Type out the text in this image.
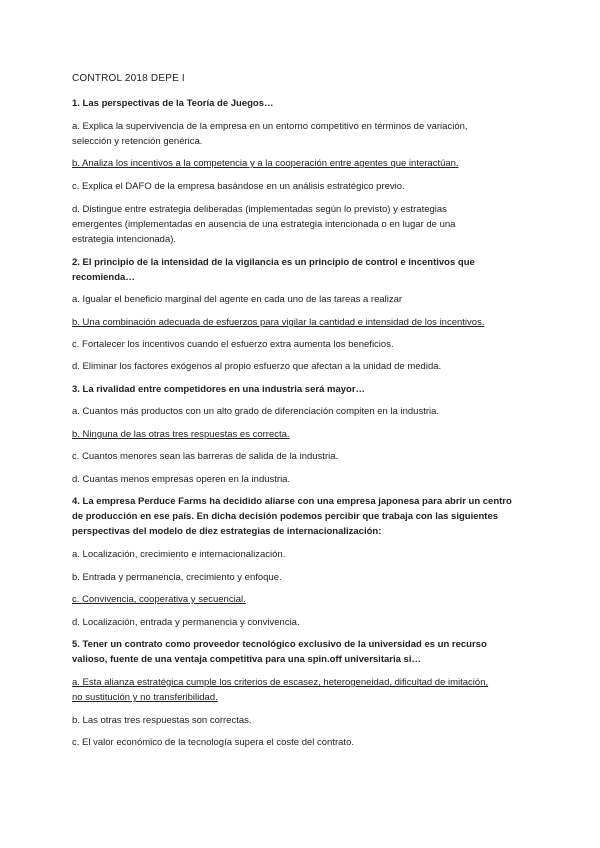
CONTROL 2018 DEPE I
1. Las perspectivas de la Teoría de Juegos…
a. Explica la supervivencia de la empresa en un entorno competitivo en términos de variación,
selección y retención genérica.
b. Analiza los incentivos a la competencia y a la cooperación entre agentes que interactúan.
c. Explica el DAFO de la empresa basándose en un análisis estratégico previo.
d. Distingue entre estrategia deliberadas (implementadas según lo previsto) y estrategias
emergentes (implementadas en ausencia de una estrategia intencionada o en lugar de una
estrategia intencionada).
2. El principio de la intensidad de la vigilancia es un principio de control e incentivos que
recomienda…
a. Igualar el beneficio marginal del agente en cada uno de las tareas a realizar
b. Una combinación adecuada de esfuerzos para vigilar la cantidad e intensidad de los incentivos.
c. Fortalecer los incentivos cuando el esfuerzo extra aumenta los beneficios.
d. Eliminar los factores exógenos al propio esfuerzo que afectan a la unidad de medida.
3. La rivalidad entre competidores en una industria será mayor…
a. Cuantos más productos con un alto grado de diferenciación compiten en la industria.
b. Ninguna de las otras tres respuestas es correcta.
c. Cuantos menores sean las barreras de salida de la industria.
d. Cuantas menos empresas operen en la industria.
4. La empresa Perduce Farms ha decidido aliarse con una empresa japonesa para abrir un centro
de producción en ese país. En dicha decisión podemos percibir que trabaja con las siguientes
perspectivas del modelo de diez estrategias de internacionalización:
a. Localización, crecimiento e internacionalización.
b. Entrada y permanencia, crecimiento y enfoque.
c. Convivencia, cooperativa y secuencial.
d. Localización, entrada y permanencia y convivencia.
5. Tener un contrato como proveedor tecnológico exclusivo de la universidad es un recurso
valioso, fuente de una ventaja competitiva para una spin.off universitaria si…
a. Esta alianza estratégica cumple los criterios de escasez, heterogeneidad, dificultad de imitación,
no sustitución y no transferibilidad.
b. Las otras tres respuestas son correctas.
c. El valor económico de la tecnología supera el coste del contrato.
